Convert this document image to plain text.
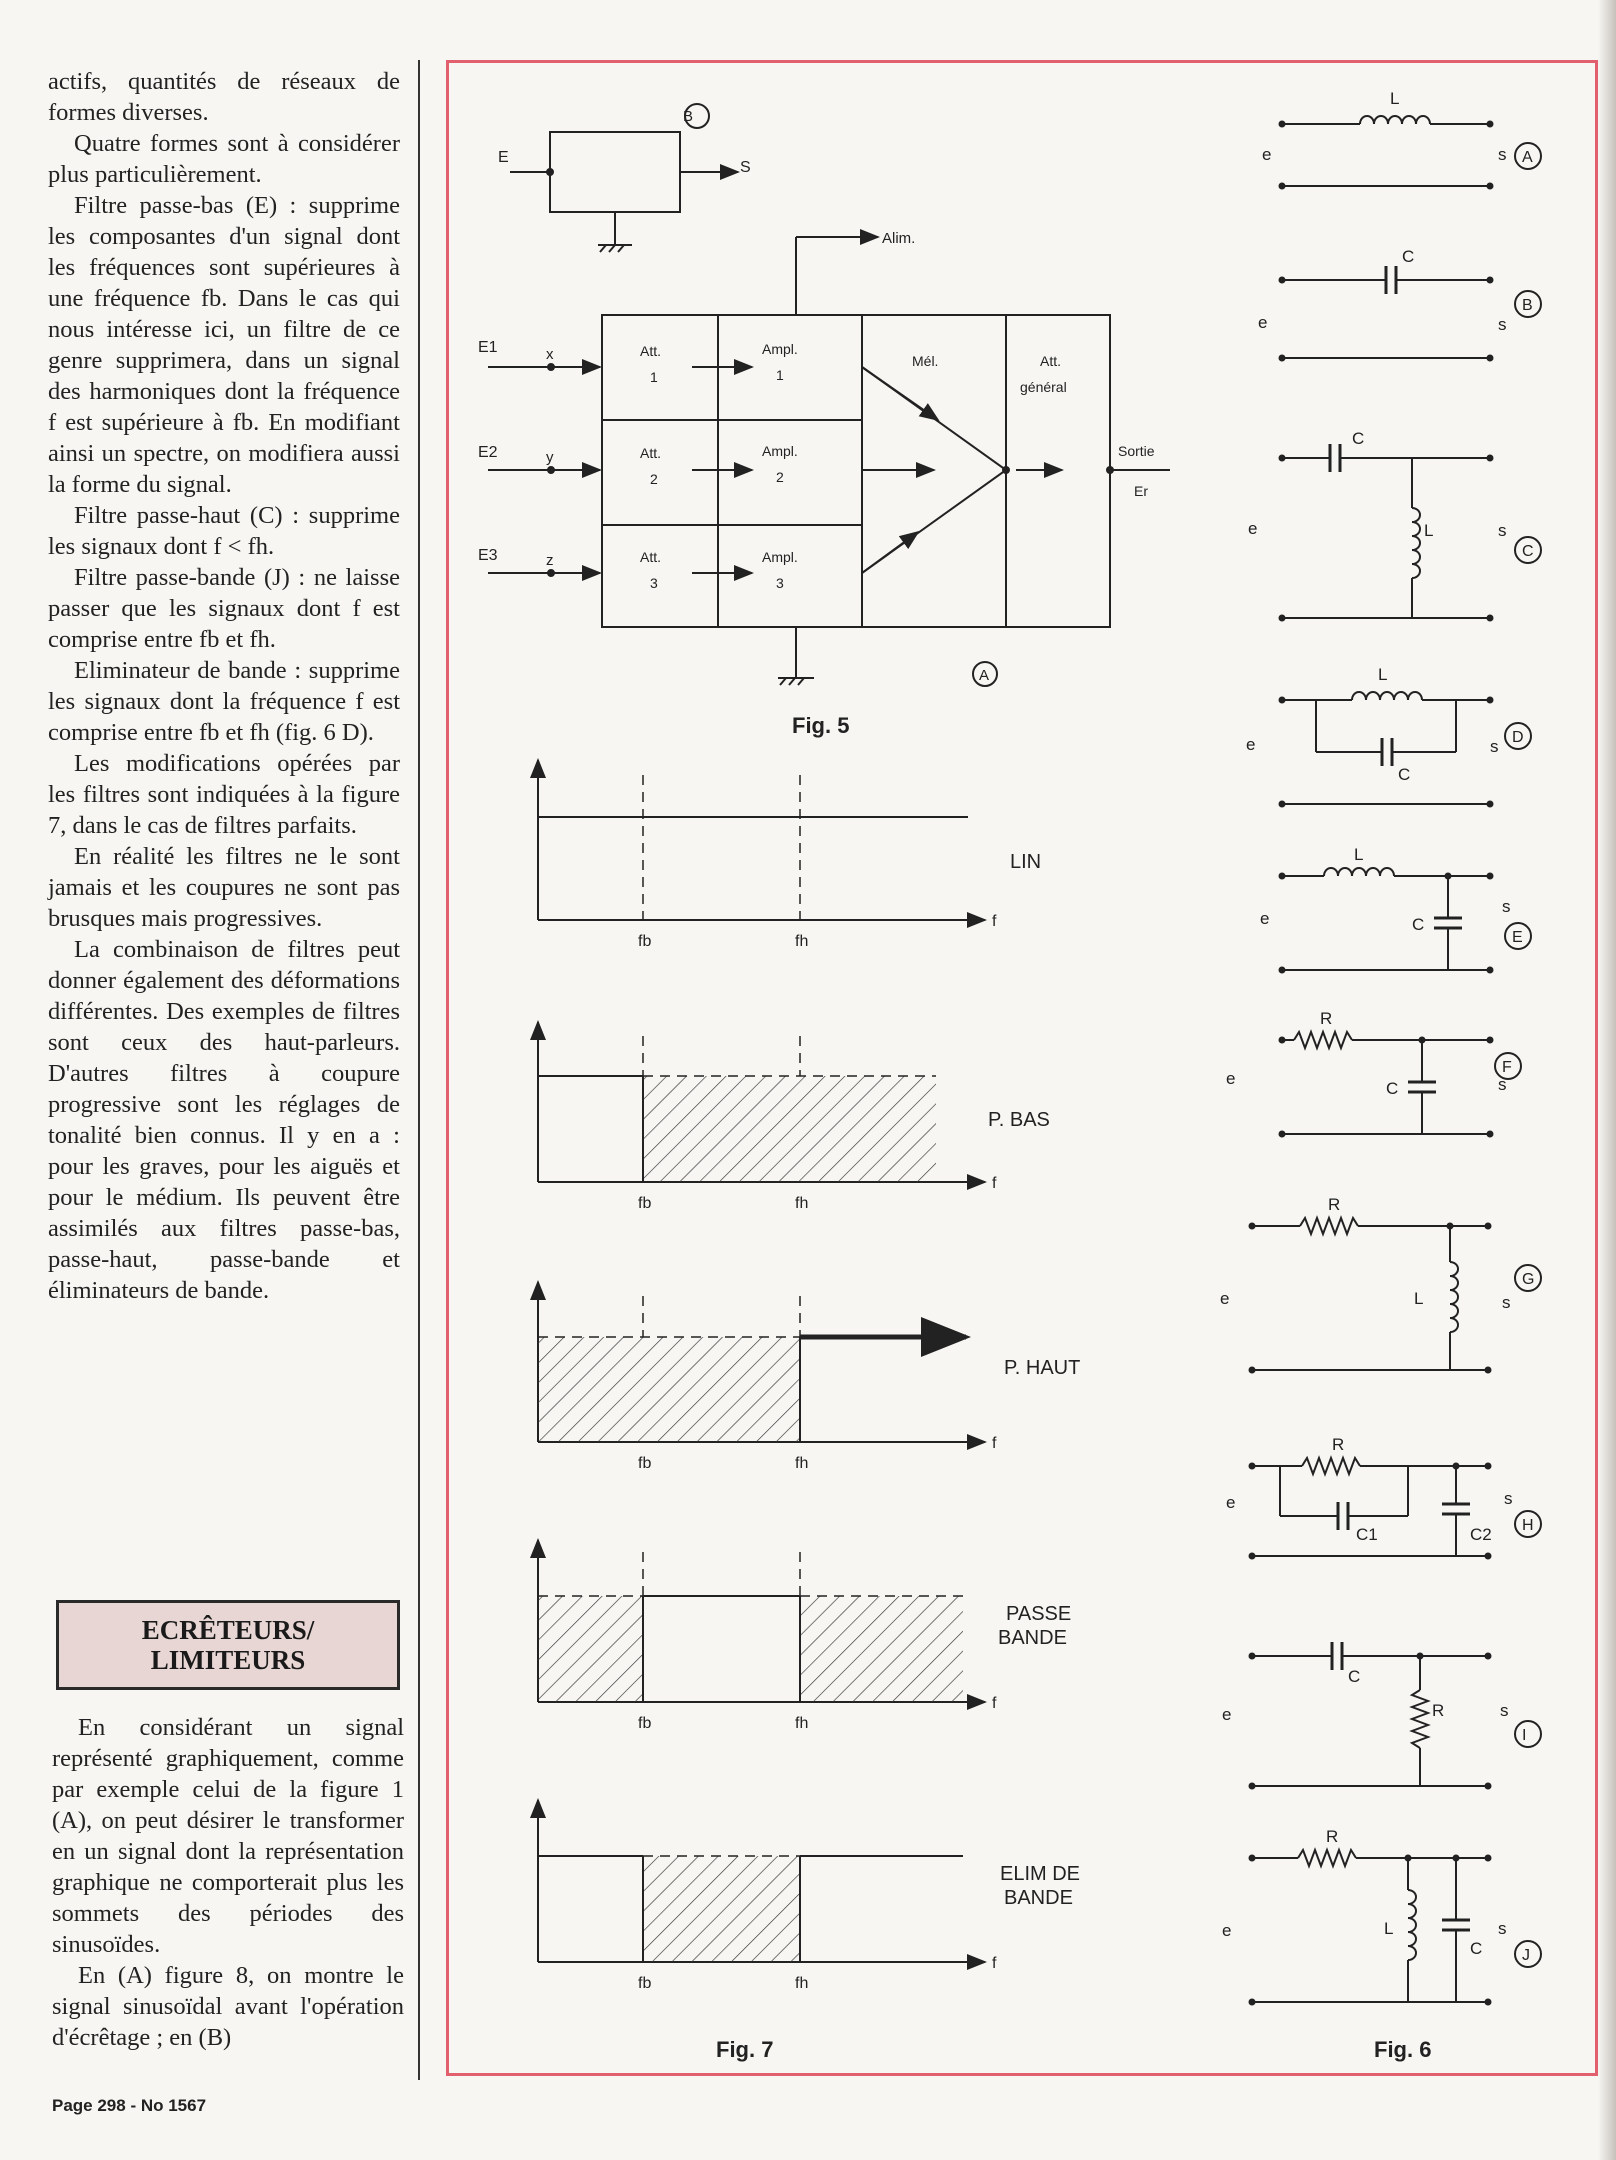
actifs, quantités de réseaux de formes diverses.

Quatre formes sont à considérer plus particulièrement.

Filtre passe-bas (E) : supprime les composantes d'un signal dont les fréquences sont supérieures à une fréquence fb. Dans le cas qui nous intéresse ici, un filtre de ce genre supprimera, dans un signal des harmoniques dont la fréquence f est supérieure à fb. En modifiant ainsi un spectre, on modifiera aussi la forme du signal.

Filtre passe-haut (C) : supprime les signaux dont f < fh.

Filtre passe-bande (J) : ne laisse passer que les signaux dont f est comprise entre fb et fh.

Eliminateur de bande : supprime les signaux dont la fréquence f est comprise entre fb et fh (fig. 6 D).

Les modifications opérées par les filtres sont indiquées à la figure 7, dans le cas de filtres parfaits.

En réalité les filtres ne le sont jamais et les coupures ne sont pas brusques mais progressives.

La combinaison de filtres peut donner également des déformations différentes. Des exemples de filtres sont ceux des haut-parleurs. D'autres filtres à coupure progressive sont les réglages de tonalité bien connus. Il y en a : pour les graves, pour les aiguës et pour le médium. Ils peuvent être assimilés aux filtres passe-bas, passe-haut, passe-bande et éliminateurs de bande.

ECRÊTEURS/
LIMITEURS

En considérant un signal représenté graphiquement, comme par exemple celui de la figure 1 (A), on peut désirer le transformer en un signal dont la représentation graphique ne comporterait plus les sommets des périodes des sinusoïdes.

En (A) figure 8, on montre le signal sinusoïdal avant l'opération d'écrêtage ; en (B)

Page 298 - No 1567
B
E
S
Alim.
E1
E2
E3
x
y
z
Att.
1
Att.
2
Att.
3
Ampl.
1
Ampl.
2
Ampl.
3
Mél.	Att.
général
Sortie
Er
A
Fig. 5
LIN
P. BAS
P. HAUT
PASSE
BANDE
ELIM DE
BANDE
fb	fh
f
fb	fh
f
fb	fh
f
fb	fh
f
fb	fh
f
Fig. 7
L
e	s A
C
e	s
B
C
L
e	s
C
L
C
e	s D
L
C
e
s
E
R
C
e	s
F
R
L
e	s
G
R
C1	C2
e	s
H
C
R
e	s
I
R
L
C
e	s
J
Fig. 6
